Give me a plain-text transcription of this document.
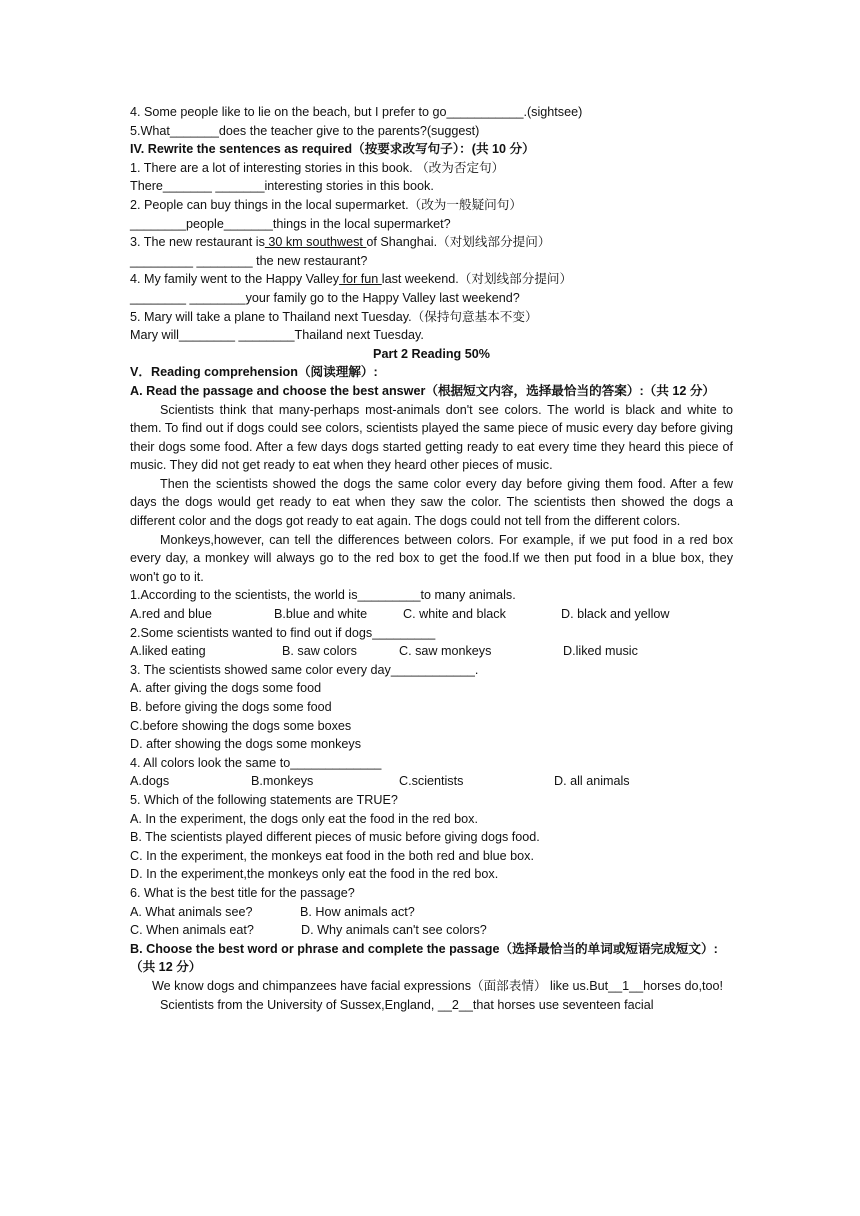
4. Some people like to lie on the beach, but I prefer to go___________.(sightsee)
5.What_______does the teacher give to the parents?(suggest)
IV. Rewrite the sentences as required（按要求改写句子）：(共 10 分）
1. There are a lot of interesting stories in this book. （改为否定句）
There_______ _______interesting stories in this book.
2. People can buy things in the local supermarket.（改为一般疑问句）
________people_______things in the local supermarket?
3. The new restaurant is 30 km southwest of Shanghai.（对划线部分提问）
_________ ________ the new restaurant?
4. My family went to the Happy Valley for fun last weekend.（对划线部分提问）
________ ________your family go to the Happy Valley last weekend?
5. Mary will take a plane to Thailand next Tuesday.（保持句意基本不变）
Mary will________ ________Thailand next Tuesday.
Part 2 Reading 50%
V．Reading comprehension（阅读理解）:
A. Read the passage and choose the best answer（根据短文内容，选择最恰当的答案）:（共 12 分）
Scientists think that many-perhaps most-animals don't see colors. The world is black and white to them. To find out if dogs could see colors, scientists played the same piece of music every day before giving their dogs some food. After a few days dogs started getting ready to eat every time they heard this piece of music. They did not get ready to eat when they heard other pieces of music.
Then the scientists showed the dogs the same color every day before giving them food. After a few days the dogs would get ready to eat when they saw the color. The scientists then showed the dogs a different color and the dogs got ready to eat again. The dogs could not tell from the different colors.
Monkeys,however, can tell the differences between colors. For example, if we put food in a red box every day, a monkey will always go to the red box to get the food.If we then put food in a blue box, they won't go to it.
1.According to the scientists, the world is_________to many animals.
A.red and blue	B.blue and white	C. white and black	D. black and yellow
2.Some scientists wanted to find out if dogs_________
A.liked eating	B. saw colors	C. saw monkeys	D.liked music
3. The scientists showed same color every day____________.
A. after giving the dogs some food
B. before giving the dogs some food
C.before showing the dogs some boxes
D. after showing the dogs some monkeys
4. All colors look the same to_____________
A.dogs	B.monkeys	C.scientists	D. all animals
5. Which of the following statements are TRUE?
A. In the experiment, the dogs only eat the food in the red box.
B. The scientists played different pieces of music before giving dogs food.
C. In the experiment, the monkeys eat food in the both red and blue box.
D. In the experiment,the monkeys only eat the food in the red box.
6. What is the best title for the passage?
A. What animals see?	B. How animals act?
C. When animals eat?	D. Why animals can't see colors?
B. Choose the best word or phrase and complete the passage（选择最恰当的单词或短语完成短文）:（共 12 分）
We know dogs and chimpanzees have facial expressions（面部表情） like us.But__1__horses do,too!
Scientists from the University of Sussex,England, __2__that horses use seventeen facial
